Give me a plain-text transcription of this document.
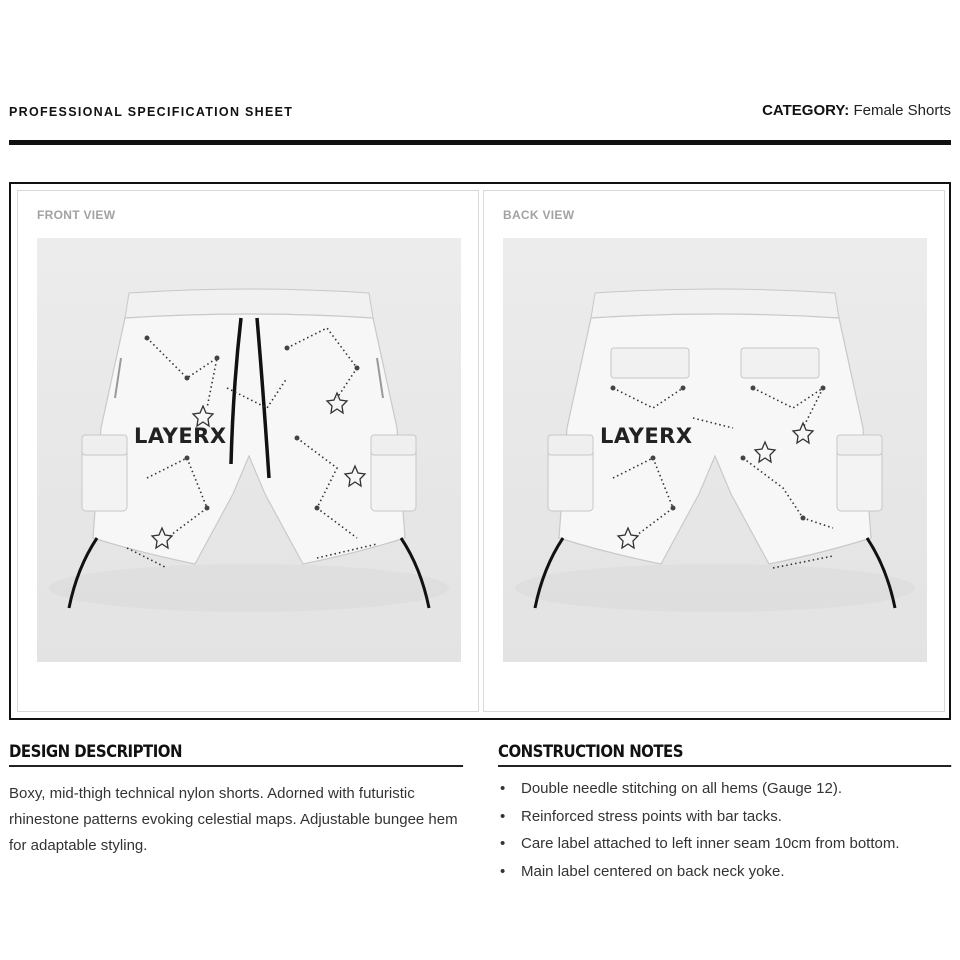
PROFESSIONAL SPECIFICATION SHEET	CATEGORY: Female Shorts
FRONT VIEW
LAYERX
BACK VIEW
LAYERX
DESIGN DESCRIPTION

Boxy, mid-thigh technical nylon shorts. Adorned with futuristic rhinestone patterns evoking celestial maps. Adjustable bungee hem for adaptable styling.

CONSTRUCTION NOTES
• Double needle stitching on all hems (Gauge 12).
• Reinforced stress points with bar tacks.
• Care label attached to left inner seam 10cm from bottom.
• Main label centered on back neck yoke.
